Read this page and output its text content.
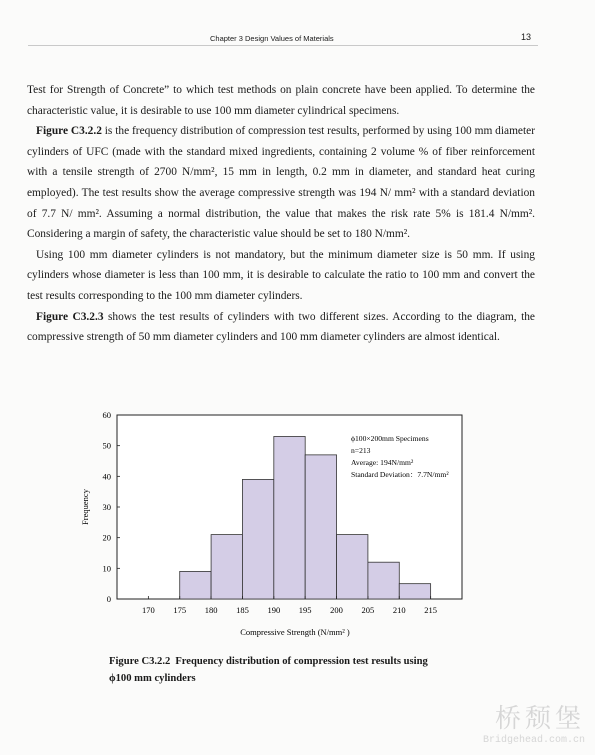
Chapter 3 Design Values of Materials	13

Test for Strength of Concrete” to which test methods on plain concrete have been applied. To determine the characteristic value, it is desirable to use 100 mm diameter cylindrical specimens.

Figure C3.2.2 is the frequency distribution of compression test results, performed by using 100 mm diameter cylinders of UFC (made with the standard mixed ingredients, containing 2 volume % of fiber reinforcement with a tensile strength of 2700 N/mm², 15 mm in length, 0.2 mm in diameter, and standard heat curing employed). The test results show the average compressive strength was 194 N/ mm² with a standard deviation of 7.7 N/ mm². Assuming a normal distribution, the value that makes the risk rate 5% is 181.4 N/mm². Considering a margin of safety, the characteristic value should be set to 180 N/mm².

Using 100 mm diameter cylinders is not mandatory, but the minimum diameter size is 50 mm. If using cylinders whose diameter is less than 100 mm, it is desirable to calculate the ratio to 100 mm and convert the test results corresponding to the 100 mm diameter cylinders.

Figure C3.2.3 shows the test results of cylinders with two different sizes. According to the diagram, the compressive strength of 50 mm diameter cylinders and 100 mm diameter cylinders are almost identical.

0
10
20
30
40
50
60
170 175 180 185 190 195 200 205 210 215
Frequency
Compressive Strength (N/mm² )
ϕ100×200mm Specimens
n=213
Average: 194N/mm²
Standard Deviation：7.7N/mm²
Figure C3.2.2 Frequency distribution of compression test results using
ϕ100 mm cylinders
桥颓堡
Bridgehead.com.cn
